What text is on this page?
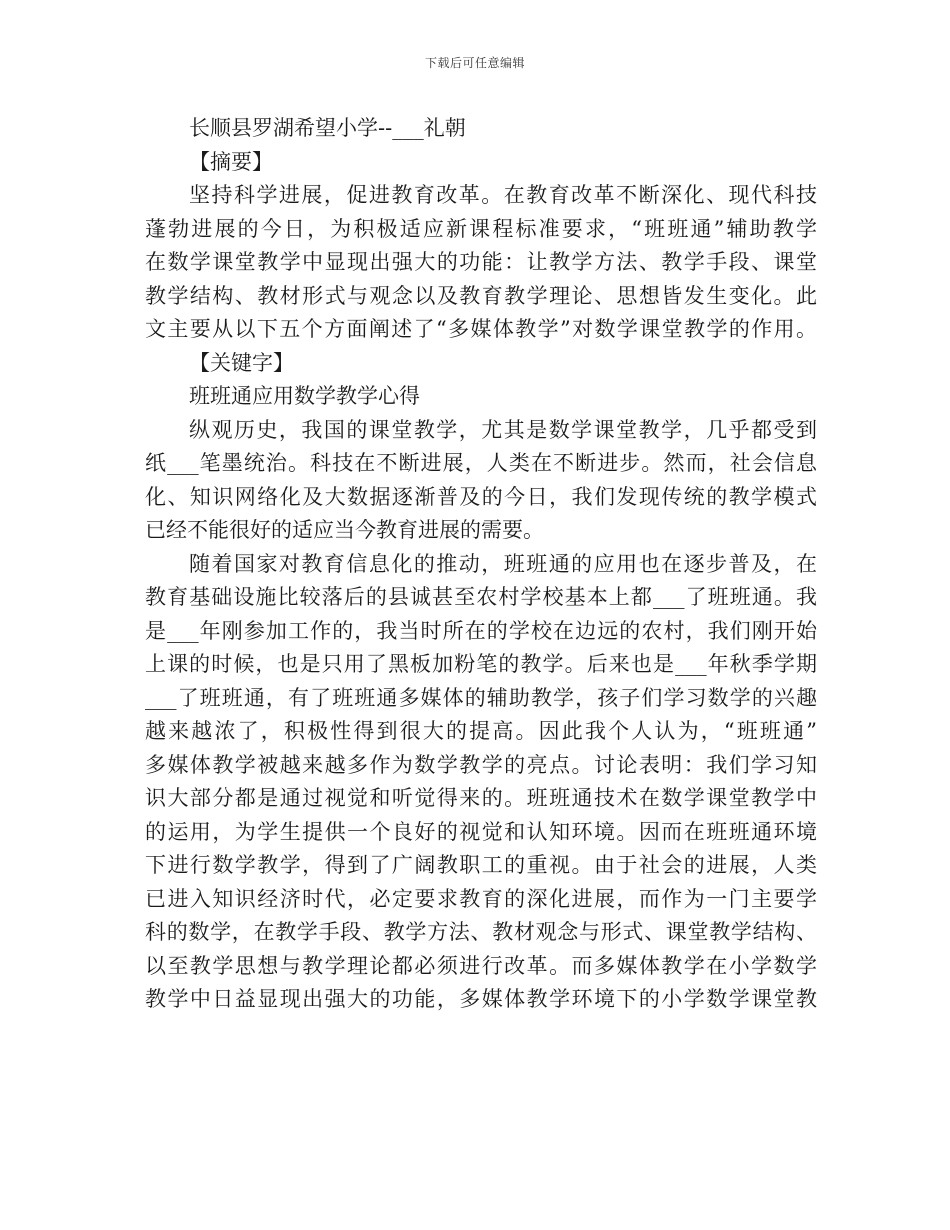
下载后可任意编辑
长顺县罗湖希望小学--___礼朝
【摘要】
坚持科学进展，促进教育改革。在教育改革不断深化、现代科技
蓬勃进展的今日，为积极适应新课程标准要求，“班班通”辅助教学
在数学课堂教学中显现出强大的功能：让教学方法、教学手段、课堂
教学结构、教材形式与观念以及教育教学理论、思想皆发生变化。此
文主要从以下五个方面阐述了“多媒体教学”对数学课堂教学的作用。
【关键字】
班班通应用数学教学心得
纵观历史，我国的课堂教学，尤其是数学课堂教学，几乎都受到
纸___笔墨统治。科技在不断进展，人类在不断进步。然而，社会信息
化、知识网络化及大数据逐渐普及的今日，我们发现传统的教学模式
已经不能很好的适应当今教育进展的需要。
随着国家对教育信息化的推动，班班通的应用也在逐步普及，在
教育基础设施比较落后的县诚甚至农村学校基本上都___了班班通。我
是___年刚参加工作的，我当时所在的学校在边远的农村，我们刚开始
上课的时候，也是只用了黑板加粉笔的教学。后来也是___年秋季学期
___了班班通，有了班班通多媒体的辅助教学，孩子们学习数学的兴趣
越来越浓了，积极性得到很大的提高。因此我个人认为，“班班通”
多媒体教学被越来越多作为数学教学的亮点。讨论表明：我们学习知
识大部分都是通过视觉和听觉得来的。班班通技术在数学课堂教学中
的运用，为学生提供一个良好的视觉和认知环境。因而在班班通环境
下进行数学教学，得到了广阔教职工的重视。由于社会的进展，人类
已进入知识经济时代，必定要求教育的深化进展，而作为一门主要学
科的数学，在教学手段、教学方法、教材观念与形式、课堂教学结构、
以至教学思想与教学理论都必须进行改革。而多媒体教学在小学数学
教学中日益显现出强大的功能，多媒体教学环境下的小学数学课堂教
